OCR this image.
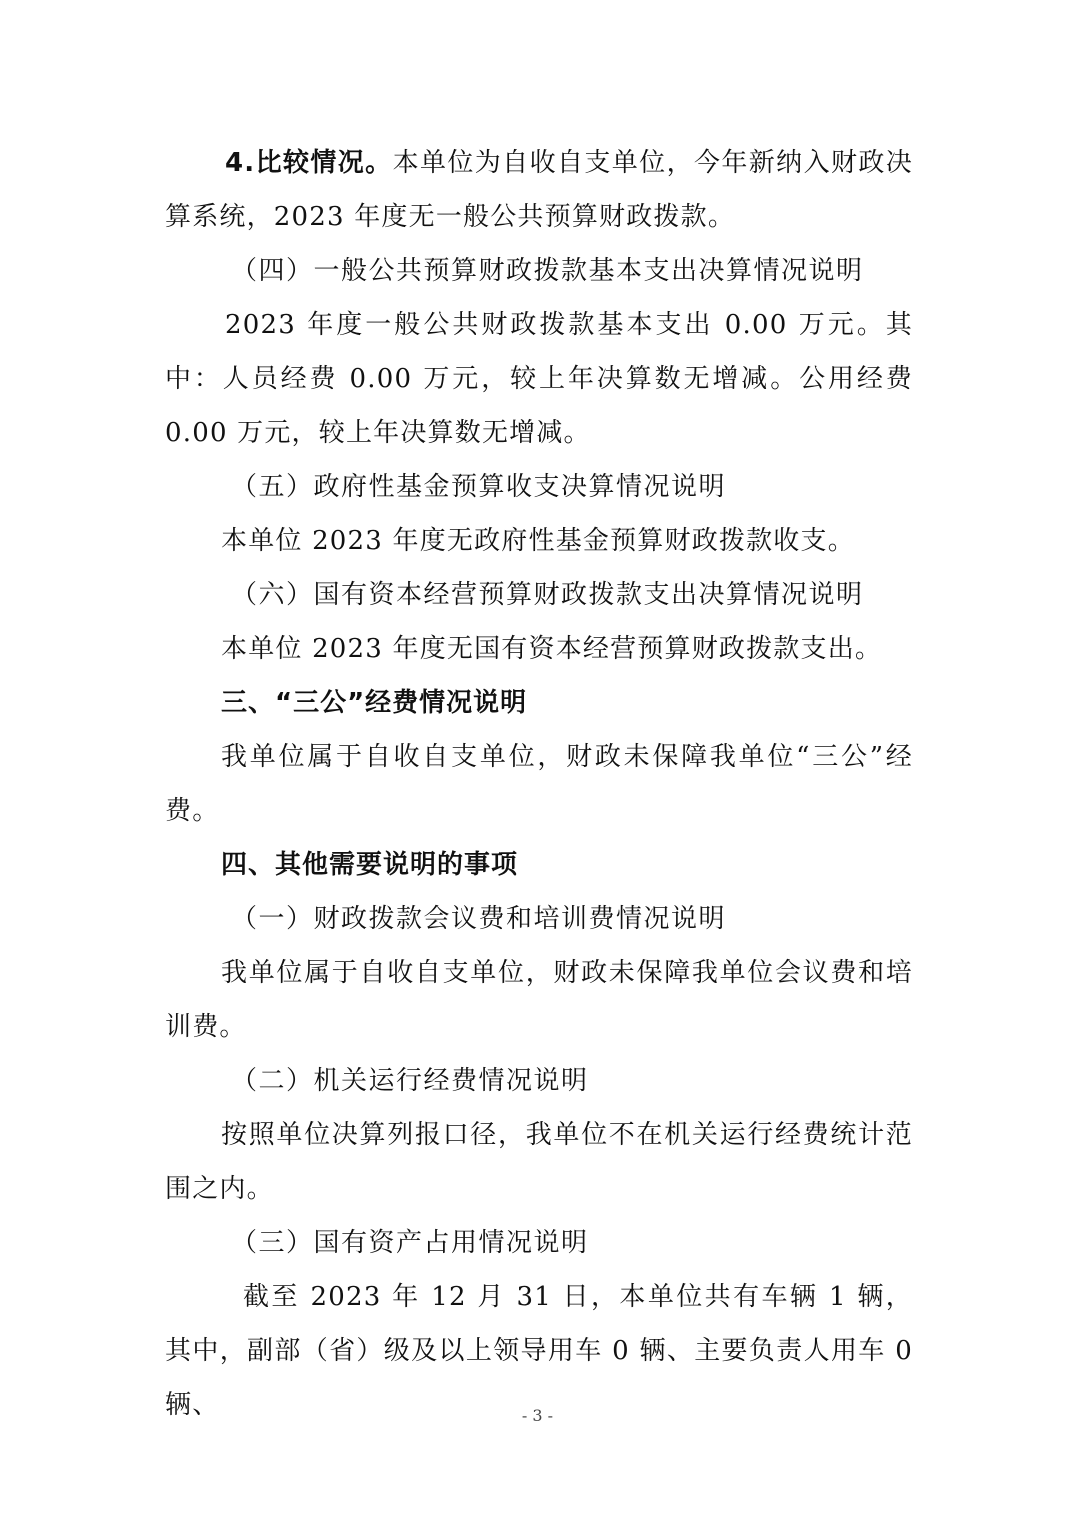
4.比较情况。本单位为自收自支单位，今年新纳入财政决算系统，2023 年度无一般公共预算财政拨款。

（四）一般公共预算财政拨款基本支出决算情况说明

2023 年度一般公共财政拨款基本支出 0.00 万元。其中：人员经费 0.00 万元，较上年决算数无增减。公用经费 0.00 万元，较上年决算数无增减。

（五）政府性基金预算收支决算情况说明

本单位 2023 年度无政府性基金预算财政拨款收支。

（六）国有资本经营预算财政拨款支出决算情况说明

本单位 2023 年度无国有资本经营预算财政拨款支出。

三、“三公”经费情况说明

我单位属于自收自支单位，财政未保障我单位“三公”经费。

四、其他需要说明的事项

（一）财政拨款会议费和培训费情况说明

我单位属于自收自支单位，财政未保障我单位会议费和培训费。

（二）机关运行经费情况说明

按照单位决算列报口径，我单位不在机关运行经费统计范围之内。

（三）国有资产占用情况说明

截至 2023 年 12 月 31 日，本单位共有车辆 1 辆，其中，副部（省）级及以上领导用车 0 辆、主要负责人用车 0 辆、	- 3 -
